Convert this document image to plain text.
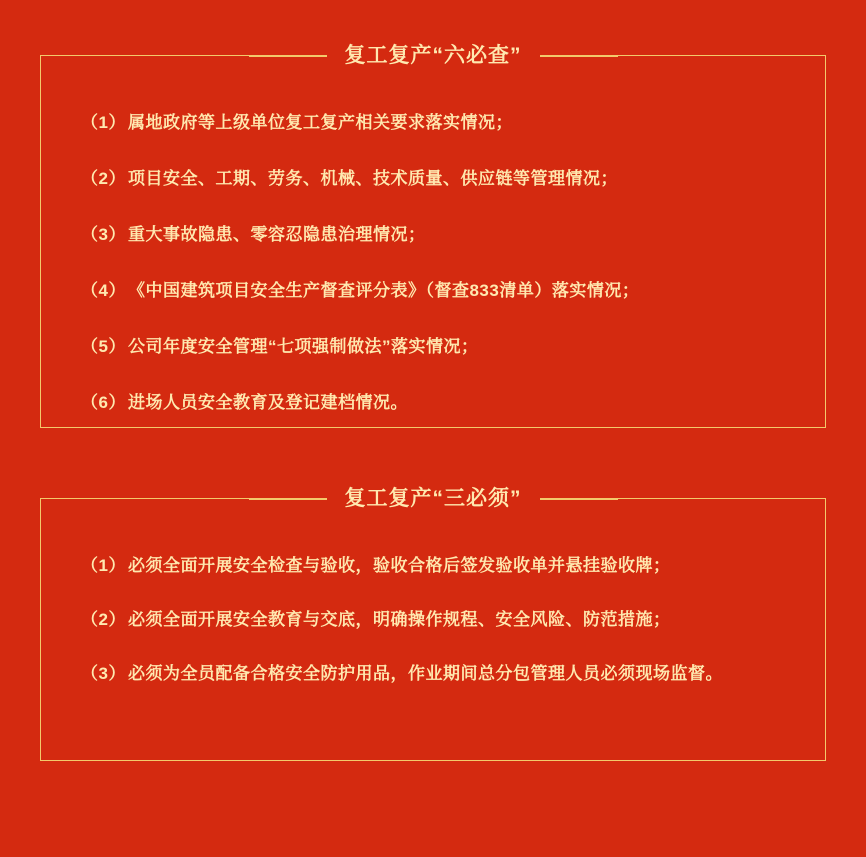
复工复产“六必查”
（1） 属地政府等上级单位复工复产相关要求落实情况；
（2） 项目安全、工期、劳务、机械、技术质量、供应链等管理情况；
（3） 重大事故隐患、零容忍隐患治理情况；
（4） 《中国建筑项目安全生产督查评分表》（督查833清单）落实情况；
（5） 公司年度安全管理“七项强制做法”落实情况；
（6） 进场人员安全教育及登记建档情况。
复工复产“三必须”
（1） 必须全面开展安全检查与验收，验收合格后签发验收单并悬挂验收牌；
（2） 必须全面开展安全教育与交底，明确操作规程、安全风险、防范措施；
（3） 必须为全员配备合格安全防护用品，作业期间总分包管理人员必须现场监督。
